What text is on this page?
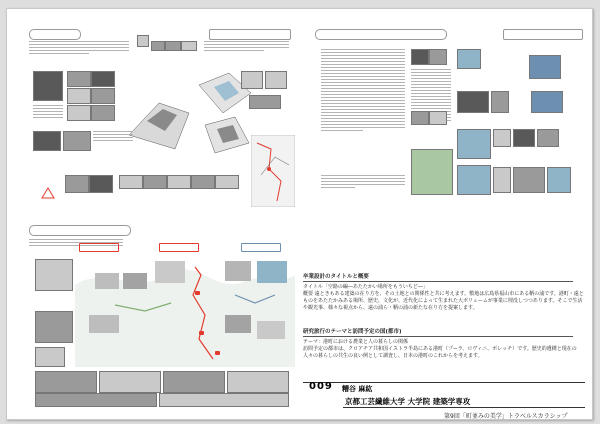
卒業設計のタイトルと概要
タイトル「空路の編―あたたかい場所をもういちど―」
概要 遠ときもある建築の在り方を、その土地との関係性と共に考えます。敷地は広島県福山市にある鞆の浦です。港町・遠とものをあたたかみある場所、歴史、文化が、近代化によって生まれた大ボリュームが事業に埋没しつつあります。そこで生活や観光事、様々な視点から、遠の浦ら・鞆の浦の新たな在り方を提案します。
研究旅行のテーマと訪問予定の国(都市)
テーマ：港町における農業と人の暮らしの関係
訪問予定の都市は、クロアチア共和国イストラ半島にある港町（プーラ、ロヴィニ、ポレッチ）です。歴史的遺構と現在の人々の暮らしの共生の良い例として調査し、日本の港町のこれからを考えます。
009 糟谷 麻紘
京都工芸繊維大学 大学院 建築学専攻
第9回「町並みの美学」トラベルスカラシップ
